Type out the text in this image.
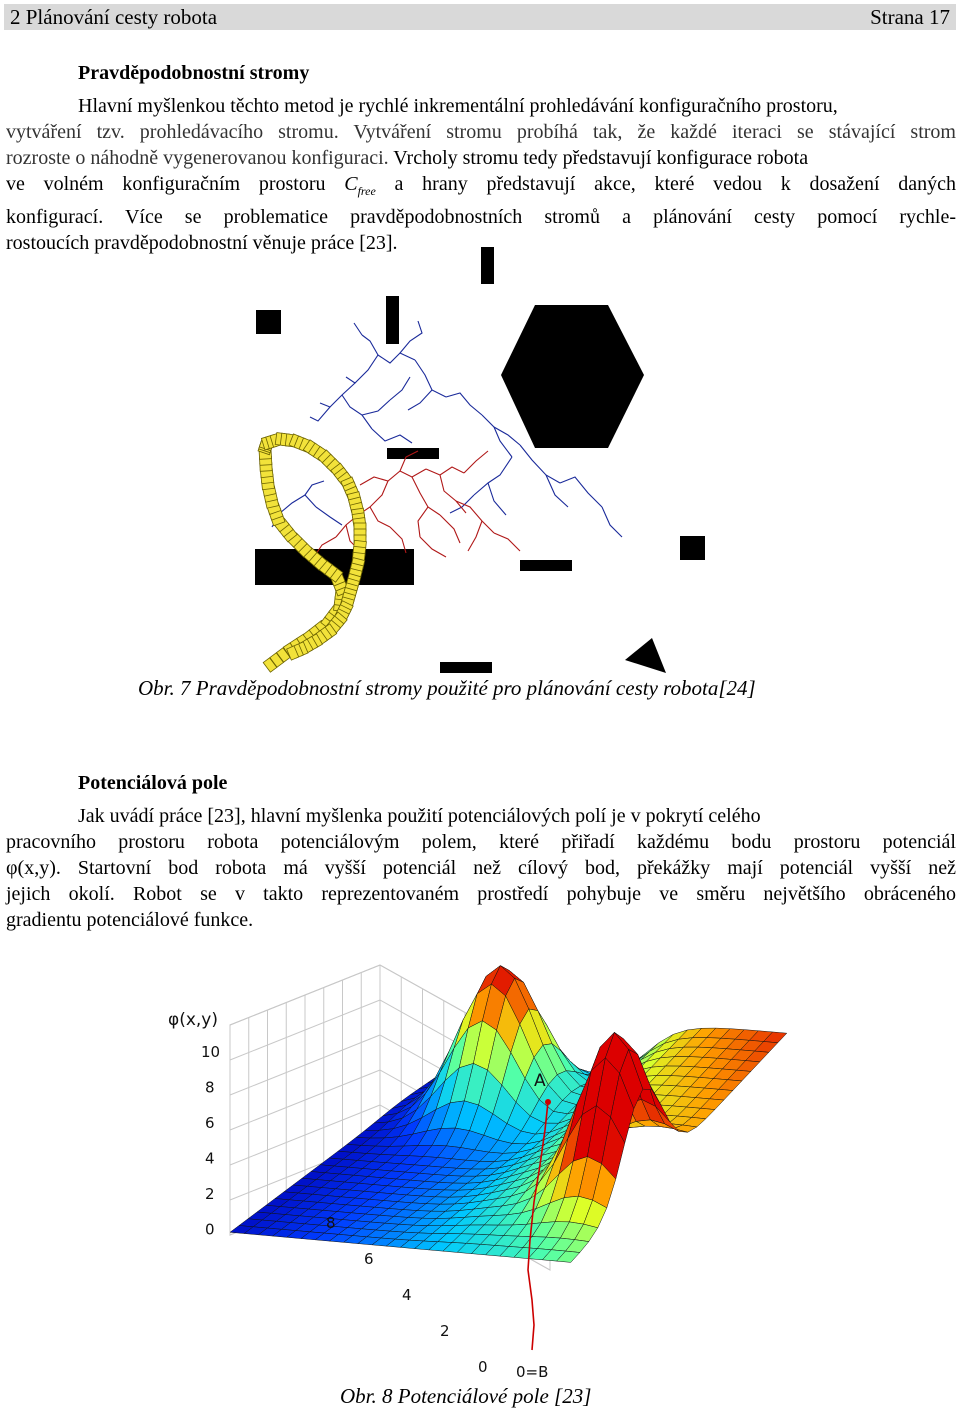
2 Plánování cesty robota	Strana 17
Pravděpodobnostní stromy
Hlavní myšlenkou těchto metod je rychlé inkrementální prohledávání konfiguračního prostoru,
vytváření tzv. prohledávacího stromu. Vytváření stromu probíhá tak, že každé iteraci se stávající strom
rozroste o náhodně vygenerovanou konfiguraci. Vrcholy stromu tedy představují konfigurace robota
ve volném konfiguračním prostoru $C_{free}$ a hrany představují akce, které vedou k dosažení daných
konfigurací. Více se problematice pravděpodobnostních stromů a plánování cesty pomocí rychle-
rostoucích pravděpodobnostní věnuje práce [23].
Obr. 7 Pravděpodobnostní stromy použité pro plánování cesty robota[24]
Potenciálová pole
Jak uvádí práce [23], hlavní myšlenka použití potenciálových polí je v pokrytí celého
pracovního prostoru robota potenciálovým polem, které přiřadí každému bodu prostoru potenciál
φ(x,y). Startovní bod robota má vyšší potenciál než cílový bod, překážky mají potenciál vyšší než
jejich okolí. Robot se v takto reprezentovaném prostředí pohybuje ve směru největšího obráceného
gradientu potenciálové funkce.
A
φ(x,y)
10
8
6
4
2
0
0
2
4
6
8
0=B
Obr. 8 Potenciálové pole [23]
